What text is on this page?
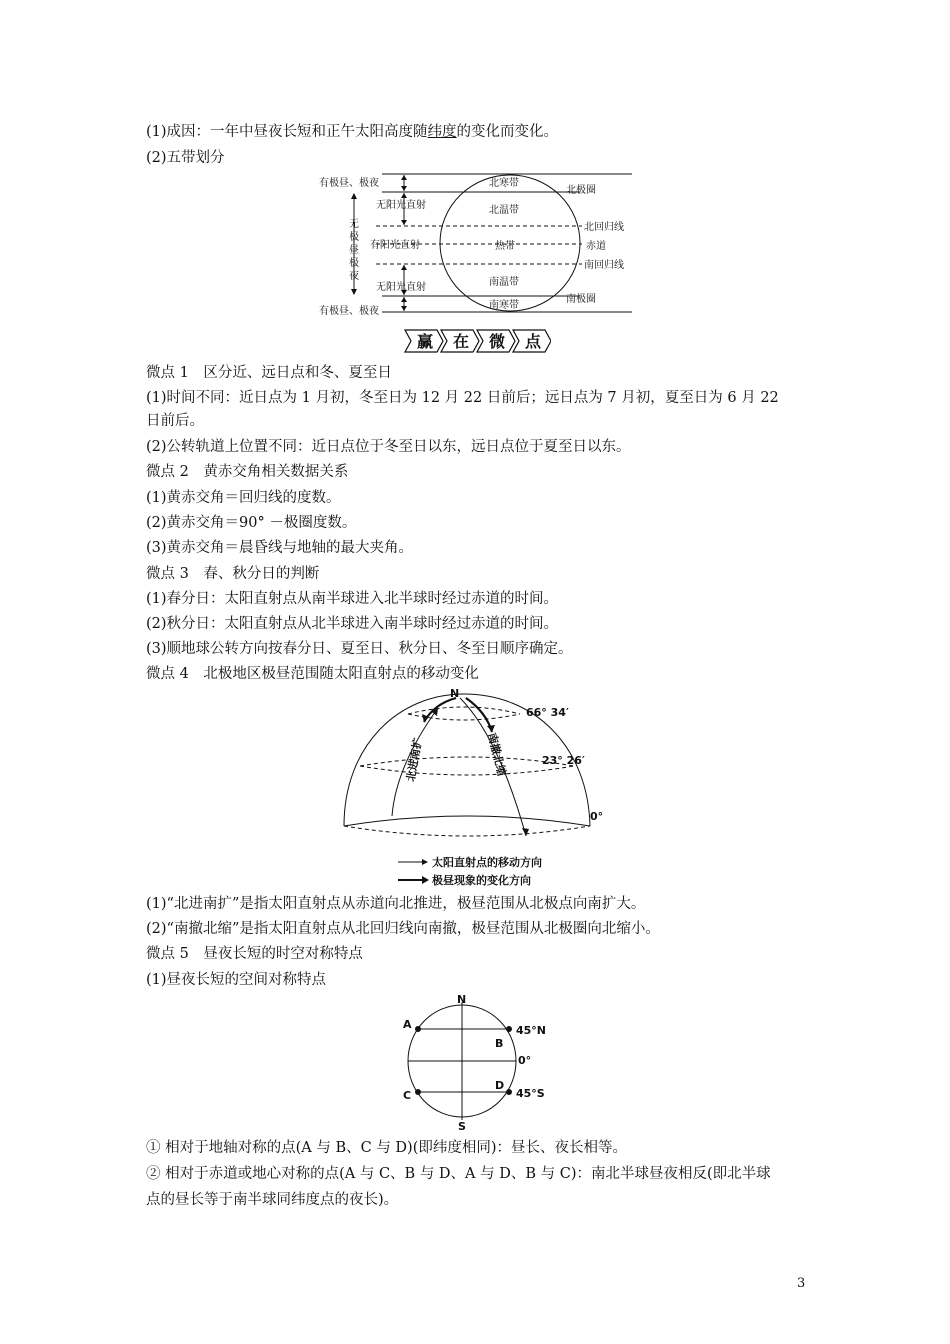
(1)成因：一年中昼夜长短和正午太阳高度随纬度的变化而变化。
(2)五带划分
有极昼、极夜
无阳光直射
有阳光直射
无阳光直射
有极昼、极夜
无
极
昼
极
夜
北寒带
北温带
热带
南温带
南寒带
北极圈
北回归线
赤道
南回归线
南极圈
赢 在 微 点
微点 1　区分近、远日点和冬、夏至日
(1)时间不同：近日点为 1 月初，冬至日为 12 月 22 日前后；远日点为 7 月初，夏至日为 6 月 22
日前后。
(2)公转轨道上位置不同：近日点位于冬至日以东，远日点位于夏至日以东。
微点 2　黄赤交角相关数据关系
(1)黄赤交角＝回归线的度数。
(2)黄赤交角＝90° －极圈度数。
(3)黄赤交角＝晨昏线与地轴的最大夹角。
微点 3　春、秋分日的判断
(1)春分日：太阳直射点从南半球进入北半球时经过赤道的时间。
(2)秋分日：太阳直射点从北半球进入南半球时经过赤道的时间。
(3)顺地球公转方向按春分日、夏至日、秋分日、冬至日顺序确定。
微点 4　北极地区极昼范围随太阳直射点的移动变化
N
66° 34′
23° 26′
0°
北进南扩	南撤北缩
太阳直射点的移动方向
极昼现象的变化方向
(1)“北进南扩”是指太阳直射点从赤道向北推进，极昼范围从北极点向南扩大。
(2)“南撤北缩”是指太阳直射点从北回归线向南撤，极昼范围从北极圈向北缩小。
微点 5　昼夜长短的时空对称特点
(1)昼夜长短的空间对称特点
N
S
A
B
C
D
45°N
0°
45°S
① 相对于地轴对称的点(A 与 B、C 与 D)(即纬度相同)：昼长、夜长相等。
② 相对于赤道或地心对称的点(A 与 C、B 与 D、A 与 D、B 与 C)：南北半球昼夜相反(即北半球
点的昼长等于南半球同纬度点的夜长)。
3
